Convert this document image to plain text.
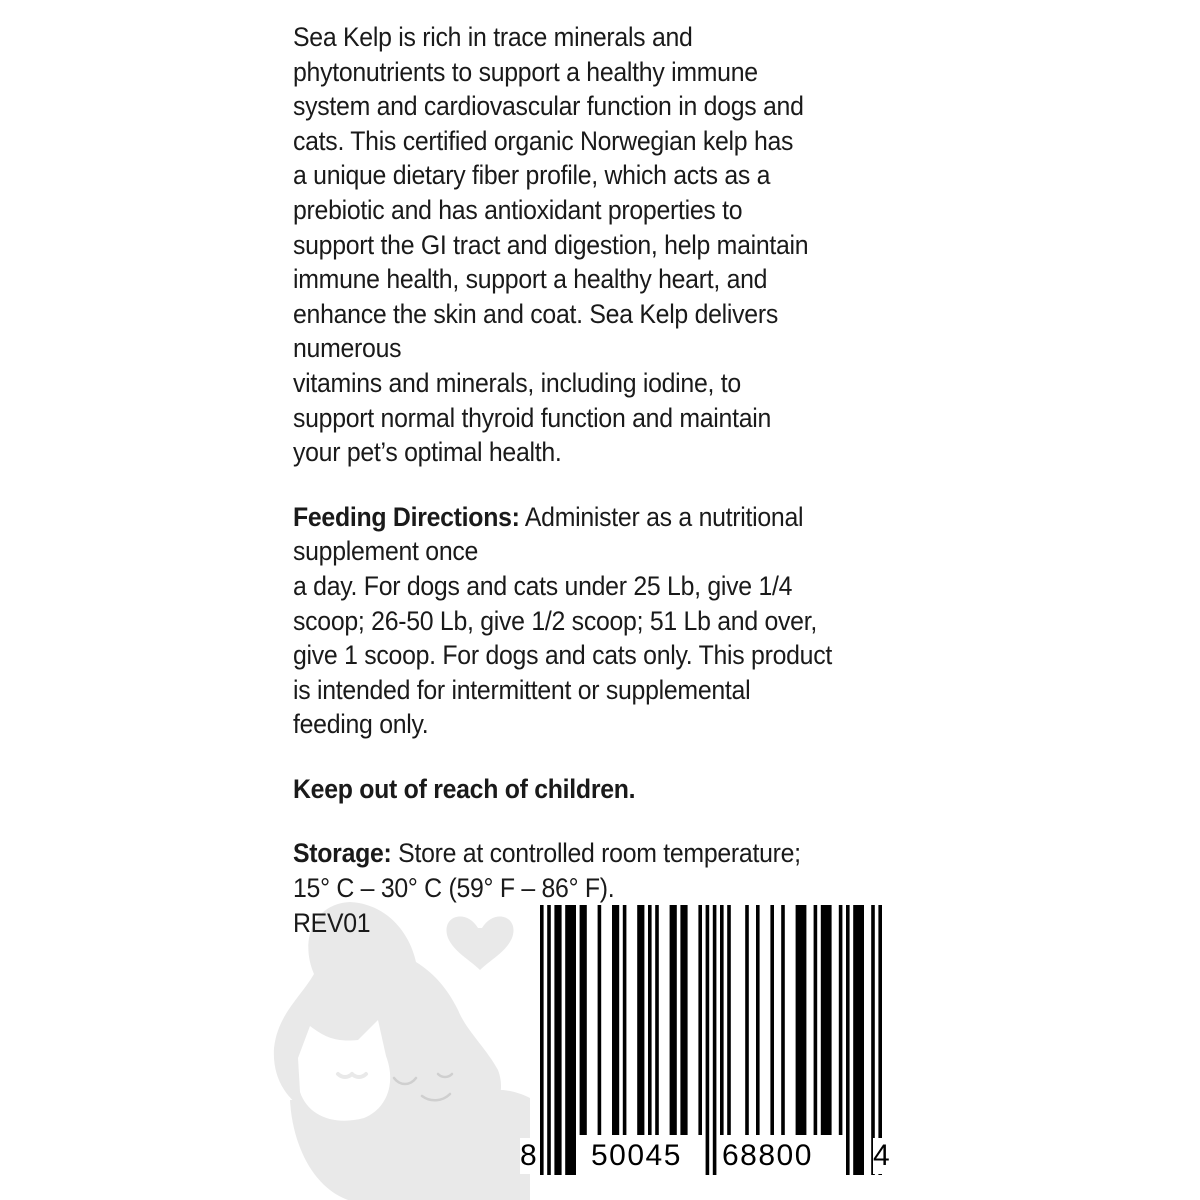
Sea Kelp is rich in trace minerals and

phytonutrients to support a healthy immune

system and cardiovascular function in dogs and

cats. This certified organic Norwegian kelp has

a unique dietary fiber profile, which acts as a

prebiotic and has antioxidant properties to

support the GI tract and digestion, help maintain

immune health, support a healthy heart, and

enhance the skin and coat. Sea Kelp delivers

numerous

vitamins and minerals, including iodine, to

support normal thyroid function and maintain

your pet’s optimal health.

Feeding Directions: Administer as a nutritional

supplement once

a day. For dogs and cats under 25 Lb, give 1/4

scoop; 26-50 Lb, give 1/2 scoop; 51 Lb and over,

give 1 scoop. For dogs and cats only. This product

is intended for intermittent or supplemental

feeding only.

Keep out of reach of children.

Storage: Store at controlled room temperature;

15° C – 30° C (59° F – 86° F).

REV01
8 50045 68800 4
